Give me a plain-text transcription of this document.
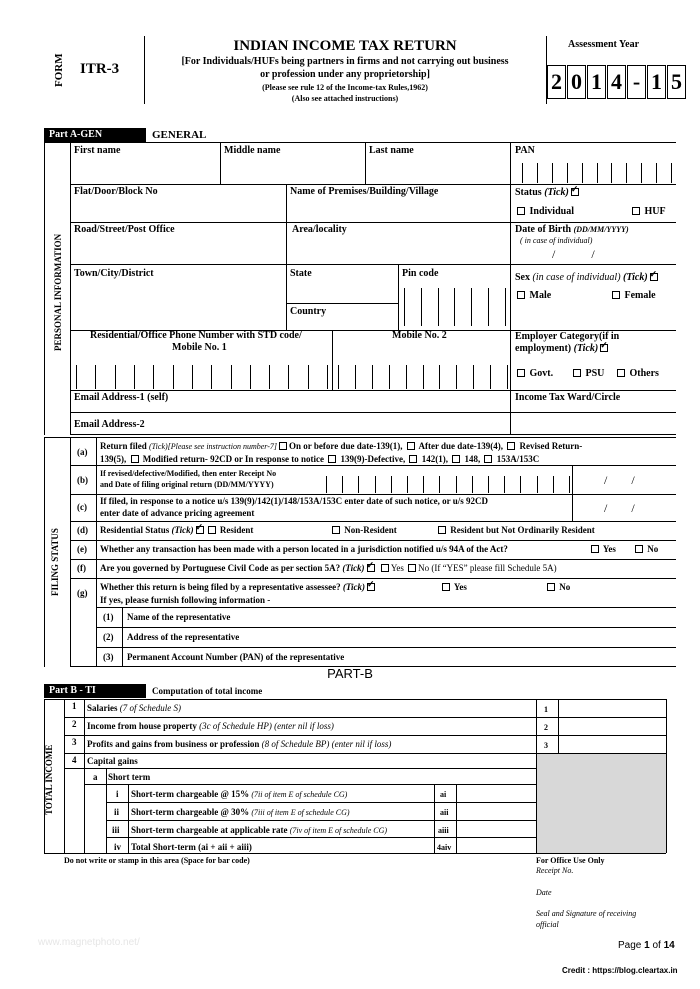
FORM ITR-3
INDIAN INCOME TAX RETURN
[For Individuals/HUFs being partners in firms and not carrying out business
or profession under any proprietorship]
(Please see rule 12 of the Income-tax Rules,1962)
(Also see attached instructions)
Assessment Year
2 0 1 4 - 1 5
Part A-GEN	GENERAL
PERSONAL INFORMATION
First name	Middle name	Last name	PAN
Flat/Door/Block No	Name of Premises/Building/Village	Status (Tick)✓
Individual	HUF
Road/Street/Post Office	Area/locality	Date of Birth (DD/MM/YYYY)
( in case of individual)
/            /
Town/City/District	State	Pin code
Country
Sex (in case of individual) (Tick)✓
Male	Female
Residential/Office Phone Number with STD code/
Mobile No. 1
Mobile No. 2	Employer Category(if in
employment) (Tick)✓
Govt.	PSU	Others
Email Address-1 (self)	Income Tax Ward/Circle
Email Address-2
FILING STATUS
(a)
Return filed (Tick)[Please see instruction number-7] On or before due date-139(1), After due date-139(4), Revised Return-
139(5), Modified return- 92CD or In response to notice 139(9)-Defective, 142(1), 148, 153A/153C
(b)
If revised/defective/Modified, then enter Receipt No
and Date of filing original return (DD/MM/YYYY)	/        /
(c)
If filed, in response to a notice u/s 139(9)/142(1)/148/153A/153C enter date of such notice, or u/s 92CD
enter date of advance pricing agreement	/        /
(d) Residential Status (Tick) ✓	Resident	Non-Resident	Resident but Not Ordinarily Resident
(e) Whether any transaction has been made with a person located in a jurisdiction notified u/s 94A of the Act?	Yes	No
(f) Are you governed by Portuguese Civil Code as per section 5A? (Tick) ✓	Yes No (If “YES” please fill Schedule 5A)
(g)
Whether this return is being filed by a representative assessee? (Tick) ✓	Yes	No
If yes, please furnish following information -
(1) Name of the representative
(2) Address of the representative
(3) Permanent Account Number (PAN) of the representative
PART-B
Part B - TI	Computation of total income
TOTAL INCOME
1 Salaries (7 of Schedule S)	1
2 Income from house property (3c of Schedule HP) (enter nil if loss)	2
3 Profits and gains from business or profession (8 of Schedule BP) (enter nil if loss)	3
4 Capital gains
a Short term
i Short-term chargeable @ 15% (7ii of item E of schedule CG)	ai
ii Short-term chargeable @ 30% (7iii of item E of schedule CG)	aii
iii Short-term chargeable at applicable rate (7iv of item E of schedule CG)	aiii
iv Total Short-term (ai + aii + aiii)	4aiv
Do not write or stamp in this area (Space for bar code)	For Office Use Only
Receipt No.
Date
Seal and Signature of receiving
official
www.magnetphoto.net/	Page 1 of 14
Credit : https://blog.cleartax.in
